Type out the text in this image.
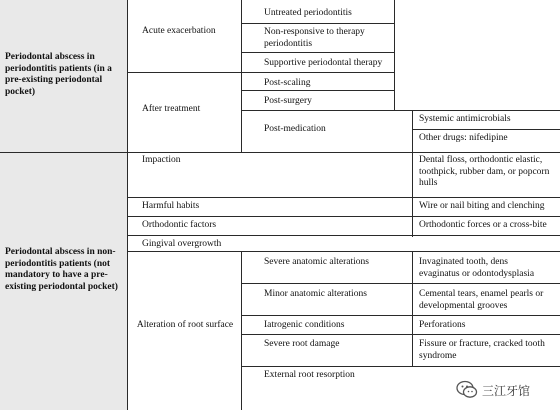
Periodontal abscess in periodontitis patients (in a pre-existing periodontal pocket)
Periodontal abscess in non-periodontitis patients (not mandatory to have a pre-existing periodontal pocket)
Acute exacerbation
After treatment
Impaction
Harmful habits
Orthodontic factors
Gingival overgrowth
Alteration of root surface
Untreated periodontitis
Non-responsive to therapy periodontitis
Supportive periodontal therapy
Post-scaling
Post-surgery
Post-medication
Severe anatomic alterations
Minor anatomic alterations
Iatrogenic conditions
Severe root damage
External root resorption
Systemic antimicrobials
Other drugs: nifedipine
Dental floss, orthodontic elastic, toothpick, rubber dam, or popcorn hulls
Wire or nail biting and clenching
Orthodontic forces or a cross-bite
Invaginated tooth, dens evaginatus or odontodysplasia
Cemental tears, enamel pearls or developmental grooves
Perforations
Fissure or fracture, cracked tooth syndrome
三江牙馆
